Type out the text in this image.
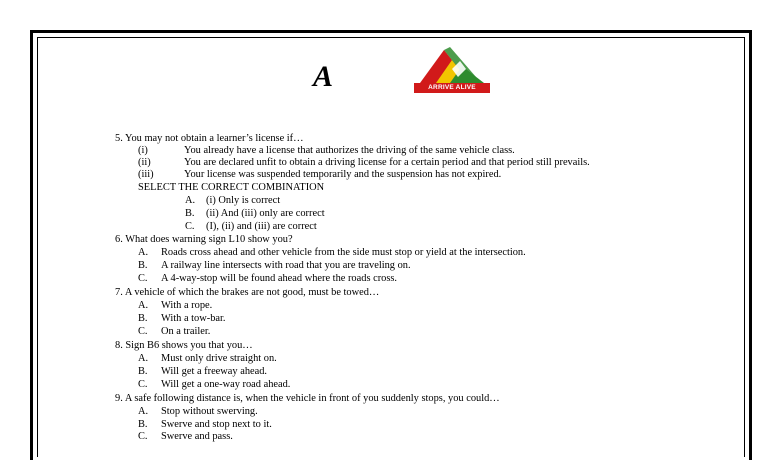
A	ARRIVE ALIVE
5. You may not obtain a learner’s license if…
(i)	You already have a license that authorizes the driving of the same vehicle class.
(ii)	You are declared unfit to obtain a driving license for a certain period and that period still prevails.
(iii)	Your license was suspended temporarily and the suspension has not expired.
SELECT THE CORRECT COMBINATION
A. (i) Only is correct
B. (ii) And (iii) only are correct
C. (I), (ii) and (iii) are correct
6. What does warning sign L10 show you?
A. Roads cross ahead and other vehicle from the side must stop or yield at the intersection.
B. A railway line intersects with road that you are traveling on.
C. A 4-way-stop will be found ahead where the roads cross.
7. A vehicle of which the brakes are not good, must be towed…
A. With a rope.
B. With a tow-bar.
C. On a trailer.
8. Sign B6 shows you that you…
A. Must only drive straight on.
B. Will get a freeway ahead.
C. Will get a one-way road ahead.
9. A safe following distance is, when the vehicle in front of you suddenly stops, you could…
A. Stop without swerving.
B. Swerve and stop next to it.
C. Swerve and pass.
